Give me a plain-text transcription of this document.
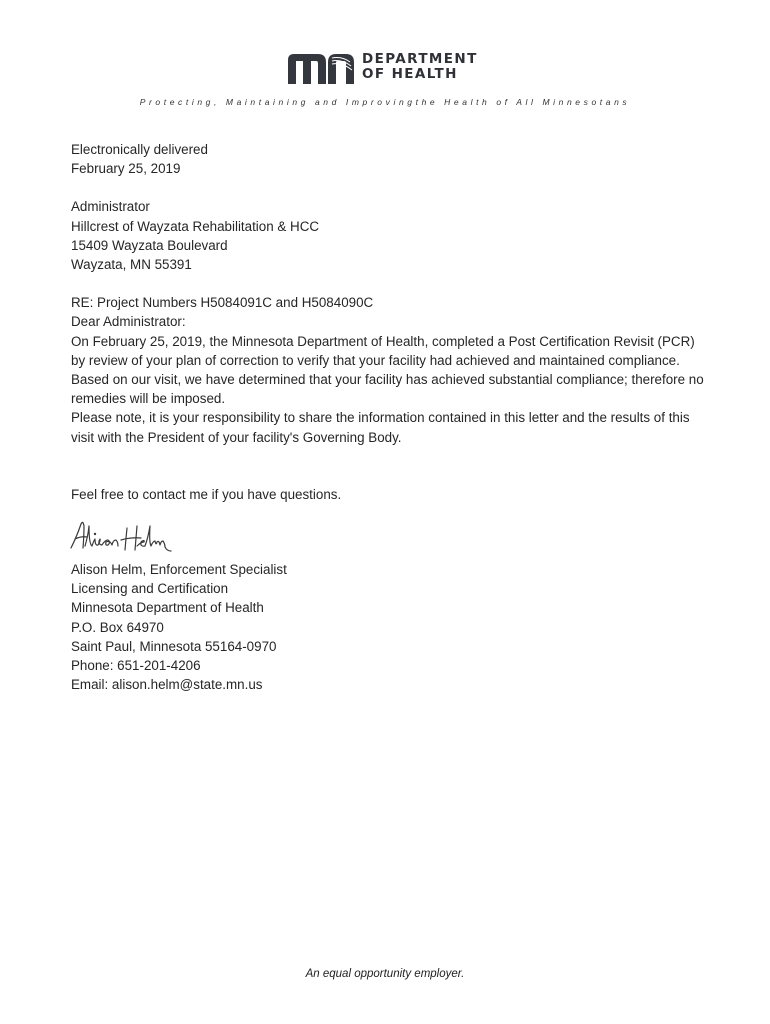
DEPARTMENT
OF HEALTH
Protecting, Maintaining and Improvingthe Health of All Minnesotans
Electronically delivered
February 25, 2019
Administrator
Hillcrest of Wayzata Rehabilitation & HCC
15409 Wayzata Boulevard
Wayzata, MN 55391

RE: Project Numbers H5084091C and H5084090C

Dear Administrator:

On February 25, 2019, the Minnesota Department of Health, completed a Post Certification Revisit (PCR) by review of your plan of correction to verify that your facility had achieved and maintained compliance. Based on our visit, we have determined that your facility has achieved substantial compliance; therefore no remedies will be imposed.

Please note, it is your responsibility to share the information contained in this letter and the results of this visit with the President of your facility's Governing Body.

Feel free to contact me if you have questions.

Alison Helm, Enforcement Specialist
Licensing and Certification
Minnesota Department of Health
P.O. Box 64970
Saint Paul, Minnesota 55164-0970
Phone: 651-201-4206
Email: alison.helm@state.mn.us
An equal opportunity employer.
